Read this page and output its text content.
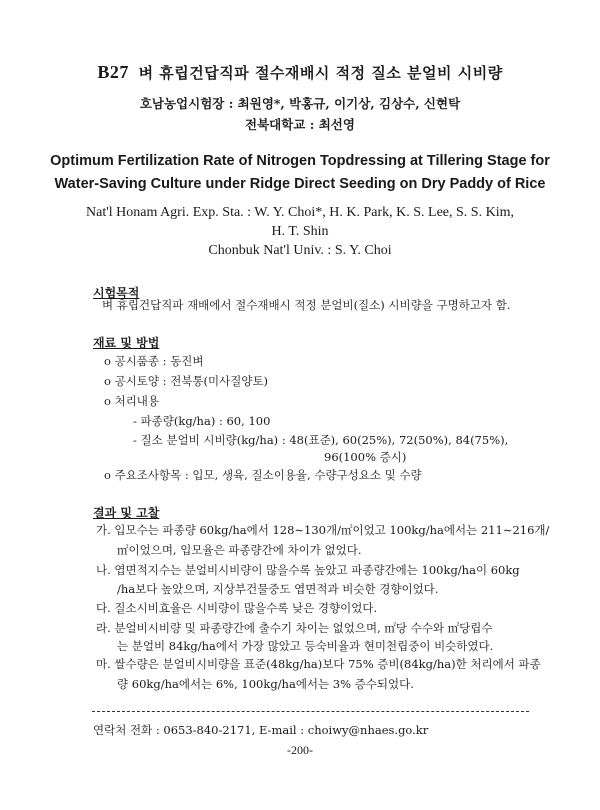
B27 벼 휴립건답직파 절수재배시 적정 질소 분얼비 시비량
호남농업시험장 : 최원영*, 박홍규, 이기상, 김상수, 신현탁
전북대학교 : 최선영
Optimum Fertilization Rate of Nitrogen Topdressing at Tillering Stage for
Water-Saving Culture under Ridge Direct Seeding on Dry Paddy of Rice
Nat'l Honam Agri. Exp. Sta. : W. Y. Choi*, H. K. Park, K. S. Lee, S. S. Kim,
H. T. Shin
Chonbuk Nat'l Univ. : S. Y. Choi
시험목적
벼 휴립건답직파 재배에서 절수재배시 적정 분얼비(질소) 시비량을 구명하고자 함.
재료 및 방법
o 공시품종 : 동진벼
o 공시토양 : 전북통(미사질양토)
o 처리내용
- 파종량(kg/ha) : 60, 100
- 질소 분얼비 시비량(kg/ha) : 48(표준), 60(25%), 72(50%), 84(75%),
96(100% 증시)
o 주요조사항목 : 입모, 생육, 질소이용율, 수량구성요소 및 수량
결과 및 고찰
가. 입모수는 파종량 60kg/ha에서 128∼130개/㎡이었고 100kg/ha에서는 211∼216개/
㎡이었으며, 입모율은 파종량간에 차이가 없었다.
나. 엽면적지수는 분얼비시비량이 많을수록 높았고 파종량간에는 100kg/ha이 60kg
/ha보다 높았으며, 지상부건물중도 엽면적과 비슷한 경향이었다.
다. 질소시비효율은 시비량이 많을수록 낮은 경향이었다.
라. 분얼비시비량 및 파종량간에 출수기 차이는 없었으며, ㎡당 수수와 ㎡당립수
는 분얼비 84kg/ha에서 가장 많았고 등숙비율과 현미천립중이 비슷하였다.
마. 쌀수량은 분얼비시비량을 표준(48kg/ha)보다 75% 증비(84kg/ha)한 처리에서 파종
량 60kg/ha에서는 6%, 100kg/ha에서는 3% 증수되었다.
연락처 전화 : 0653-840-2171, E-mail : choiwy@nhaes.go.kr
-200-
